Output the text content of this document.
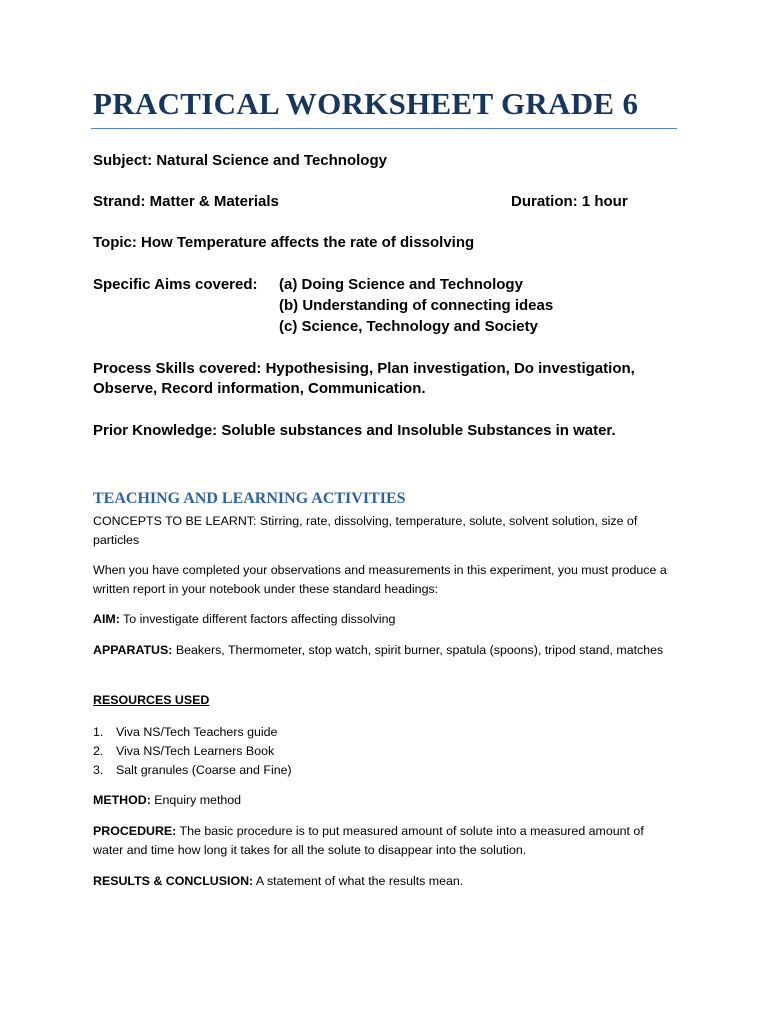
PRACTICAL WORKSHEET GRADE 6
Subject: Natural Science and Technology
Strand: Matter & Materials	Duration: 1 hour
Topic: How Temperature affects the rate of dissolving
Specific Aims covered: (a) Doing Science and Technology
(b) Understanding of connecting ideas
(c) Science, Technology and Society
Process Skills covered: Hypothesising, Plan investigation, Do investigation,
Observe, Record information, Communication.
Prior Knowledge: Soluble substances and Insoluble Substances in water.
TEACHING AND LEARNING ACTIVITIES
CONCEPTS TO BE LEARNT: Stirring, rate, dissolving, temperature, solute, solvent solution, size of particles
When you have completed your observations and measurements in this experiment, you must produce a written report in your notebook under these standard headings:
AIM: To investigate different factors affecting dissolving
APPARATUS: Beakers, Thermometer, stop watch, spirit burner, spatula (spoons), tripod stand, matches
RESOURCES USED
1. Viva NS/Tech Teachers guide
2. Viva NS/Tech Learners Book
3. Salt granules (Coarse and Fine)
METHOD: Enquiry method
PROCEDURE: The basic procedure is to put measured amount of solute into a measured amount of water and time how long it takes for all the solute to disappear into the solution.
RESULTS & CONCLUSION: A statement of what the results mean.
